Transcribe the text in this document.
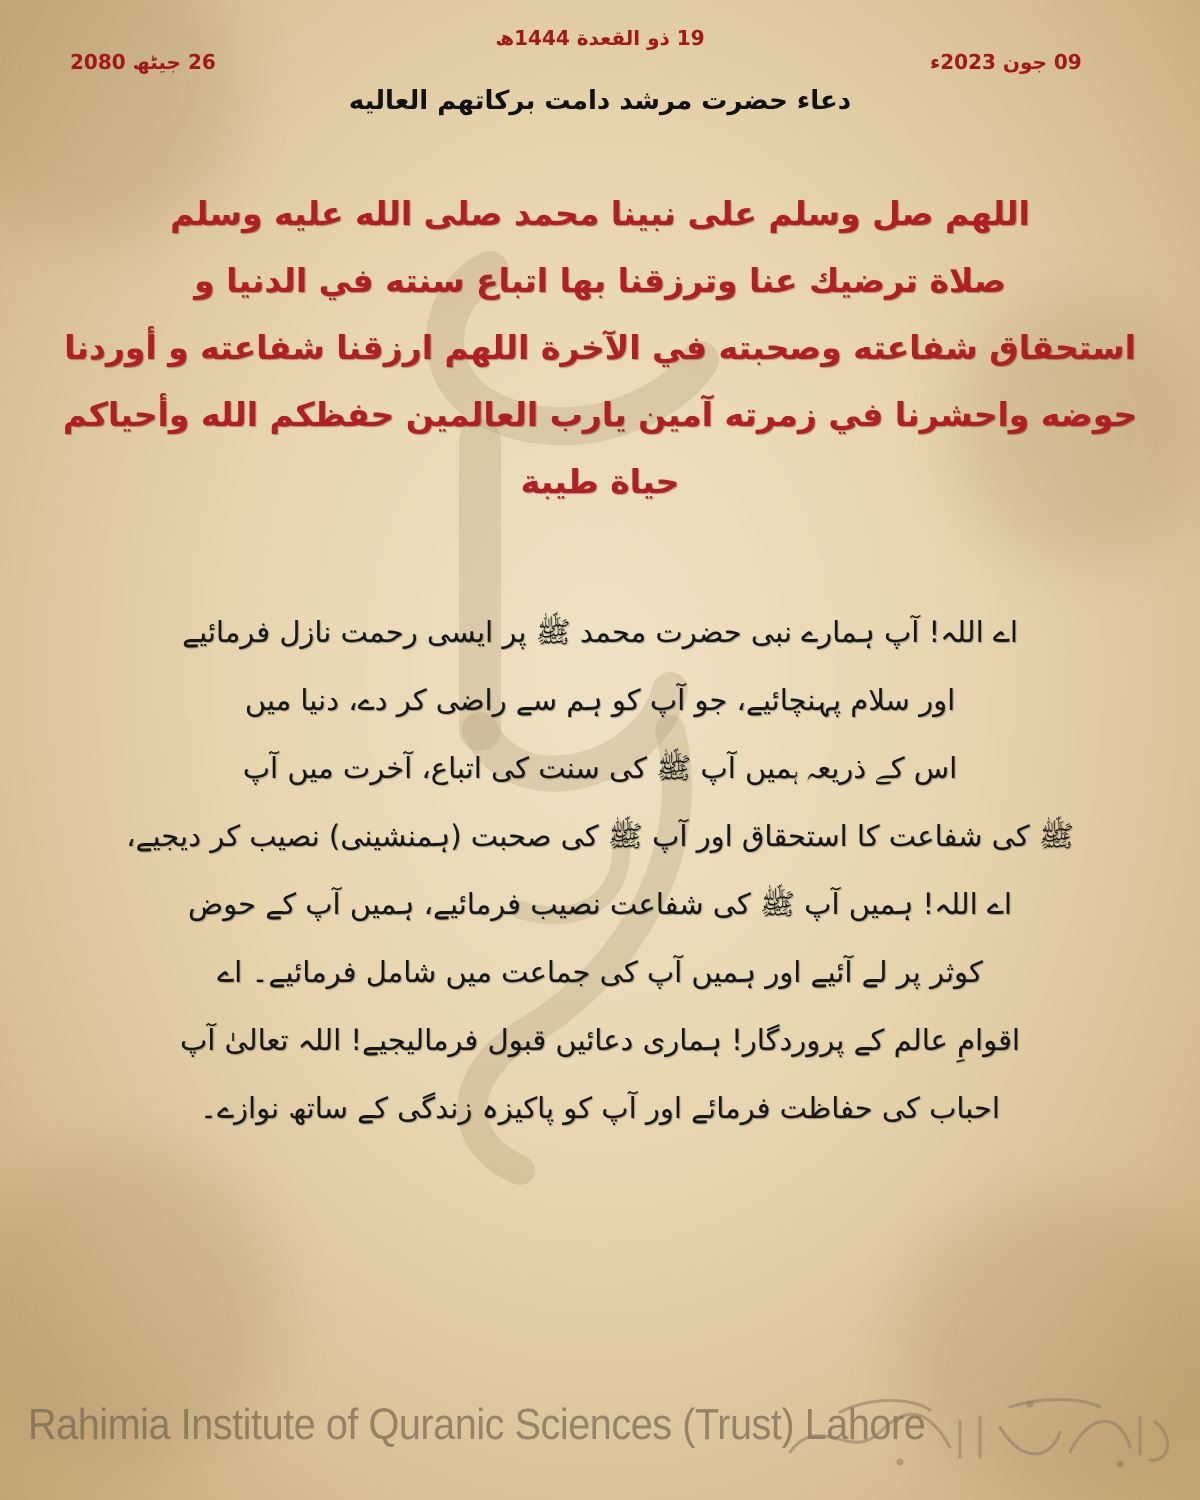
19 ذو القعدة 1444ھ
09 جون 2023ء
26 جیٹھ 2080
دعاء حضرت مرشد دامت برکاتهم العاليه
اللهم صل وسلم على نبينا محمد صلى الله عليه وسلم
صلاة ترضيك عنا وترزقنا بها اتباع سنته في الدنيا و
استحقاق شفاعته وصحبته في الآخرة اللهم ارزقنا شفاعته و أوردنا
حوضه واحشرنا في زمرته آمين يارب العالمين حفظكم الله وأحياكم
حياة طيبة
اے اللہ! آپ ہمارے نبی حضرت محمد ﷺ پر ایسی رحمت نازل فرمائیے
اور سلام پہنچائیے، جو آپ کو ہم سے راضی کر دے، دنیا میں
اس کے ذریعہ ہمیں آپ ﷺ کی سنت کی اتباع، آخرت میں آپ
ﷺ کی شفاعت کا استحقاق اور آپ ﷺ کی صحبت (ہمنشینی) نصیب کر دیجیے،
اے اللہ! ہمیں آپ ﷺ کی شفاعت نصیب فرمائیے، ہمیں آپ کے حوض
کوثر پر لے آئیے اور ہمیں آپ کی جماعت میں شامل فرمائیے۔ اے
اقوامِ عالم کے پروردگار! ہماری دعائیں قبول فرمالیجیے! اللہ تعالیٰ آپ
احباب کی حفاظت فرمائے اور آپ کو پاکیزہ زندگی کے ساتھ نوازے۔
Rahimia Institute of Quranic Sciences (Trust) Lahore
